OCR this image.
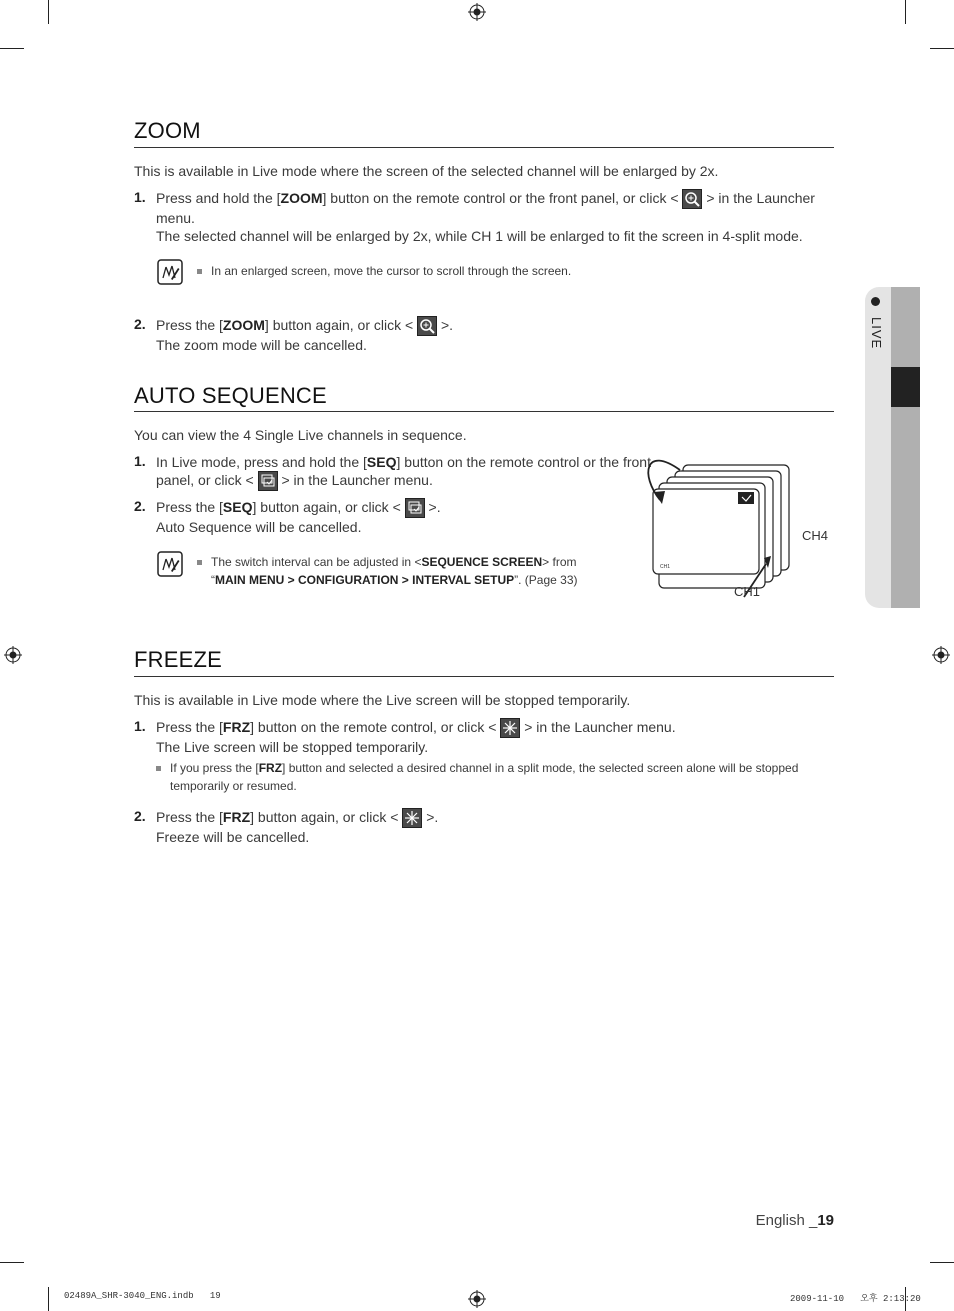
LIVE
ZOOM
This is available in Live mode where the screen of the selected channel will be enlarged by 2x.
1. Press and hold the [ZOOM] button on the remote control or the front panel, or click < > in the Launcher
menu.
The selected channel will be enlarged by 2x, while CH 1 will be enlarged to fit the screen in 4-split mode.
In an enlarged screen, move the cursor to scroll through the screen.
2. Press the [ZOOM] button again, or click < >.
The zoom mode will be cancelled.
AUTO SEQUENCE
You can view the 4 Single Live channels in sequence.
1. In Live mode, press and hold the [SEQ] button on the remote control or the front
panel, or click < > in the Launcher menu.
2. Press the [SEQ] button again, or click < >.
Auto Sequence will be cancelled.
The switch interval can be adjusted in <SEQUENCE SCREEN> from
“MAIN MENU > CONFIGURATION > INTERVAL SETUP”. (Page 33)
CH1
CH4
CH1
FREEZE
This is available in Live mode where the Live screen will be stopped temporarily.
1. Press the [FRZ] button on the remote control, or click < > in the Launcher menu.
The Live screen will be stopped temporarily.
If you press the [FRZ] button and selected a desired channel in a split mode, the selected screen alone will be stopped
temporarily or resumed.
2. Press the [FRZ] button again, or click < >.
Freeze will be cancelled.
English _19
02489A_SHR-3040_ENG.indb   19	2009-11-10   오후 2:13:20
